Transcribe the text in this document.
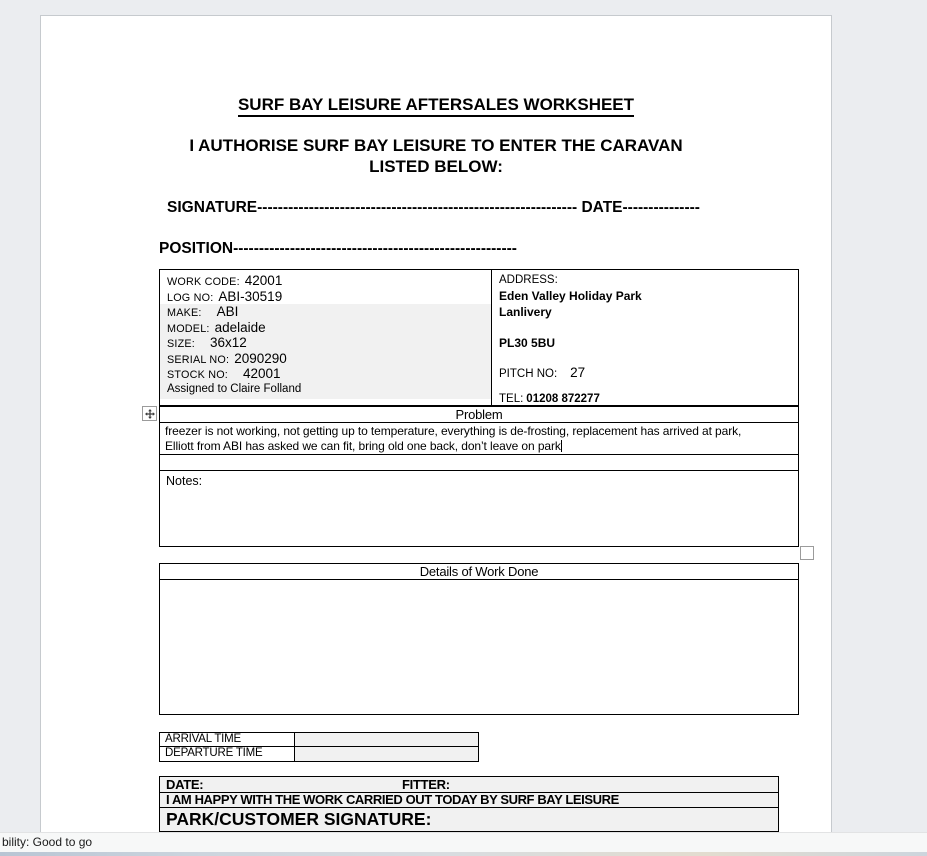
SURF BAY LEISURE AFTERSALES WORKSHEET
I AUTHORISE SURF BAY LEISURE TO ENTER THE CARAVAN
LISTED BELOW:
SIGNATURE-------------------------------------------------------------- DATE---------------
POSITION-------------------------------------------------------
WORK CODE: 42001
LOG NO: ABI-30519
MAKE: ABI
MODEL: adelaide
SIZE: 36x12
SERIAL NO: 2090290
STOCK NO: 42001
Assigned to Claire Folland
ADDRESS:
Eden Valley Holiday Park
Lanlivery
PL30 5BU
PITCH NO: 27
TEL: 01208 872277
Problem
freezer is not working, not getting up to temperature, everything is de-frosting, replacement has arrived at park,
Elliott from ABI has asked we can fit, bring old one back, don’t leave on park
Notes:
Details of Work Done
ARRIVAL TIME
DEPARTURE TIME
DATE:	FITTER:
I AM HAPPY WITH THE WORK CARRIED OUT TODAY BY SURF BAY LEISURE
PARK/CUSTOMER SIGNATURE:
bility: Good to go
